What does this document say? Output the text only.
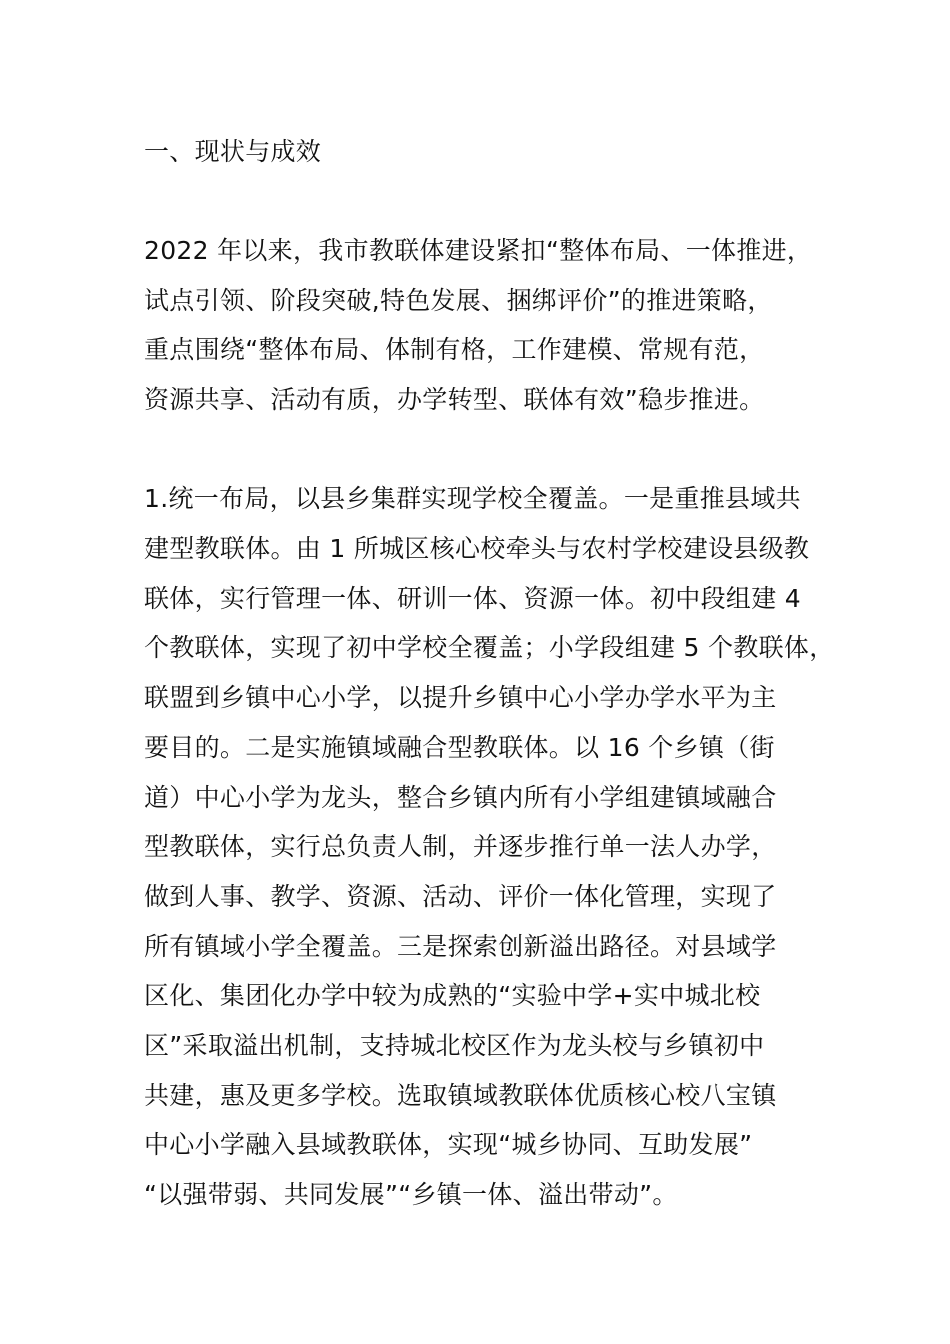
一、现状与成效
2022 年以来，我市教联体建设紧扣“整体布局、一体推进，
试点引领、阶段突破,特色发展、捆绑评价”的推进策略，
重点围绕“整体布局、体制有格，工作建模、常规有范，
资源共享、活动有质，办学转型、联体有效”稳步推进。
1.统一布局，以县乡集群实现学校全覆盖。一是重推县域共
建型教联体。由 1 所城区核心校牵头与农村学校建设县级教
联体，实行管理一体、研训一体、资源一体。初中段组建 4
个教联体，实现了初中学校全覆盖；小学段组建 5 个教联体，
联盟到乡镇中心小学，以提升乡镇中心小学办学水平为主
要目的。二是实施镇域融合型教联体。以 16 个乡镇（街
道）中心小学为龙头，整合乡镇内所有小学组建镇域融合
型教联体，实行总负责人制，并逐步推行单一法人办学，
做到人事、教学、资源、活动、评价一体化管理，实现了
所有镇域小学全覆盖。三是探索创新溢出路径。对县域学
区化、集团化办学中较为成熟的“实验中学+实中城北校
区”采取溢出机制，支持城北校区作为龙头校与乡镇初中
共建，惠及更多学校。选取镇域教联体优质核心校八宝镇
中心小学融入县域教联体，实现“城乡协同、互助发展”
“以强带弱、共同发展”“乡镇一体、溢出带动”。
